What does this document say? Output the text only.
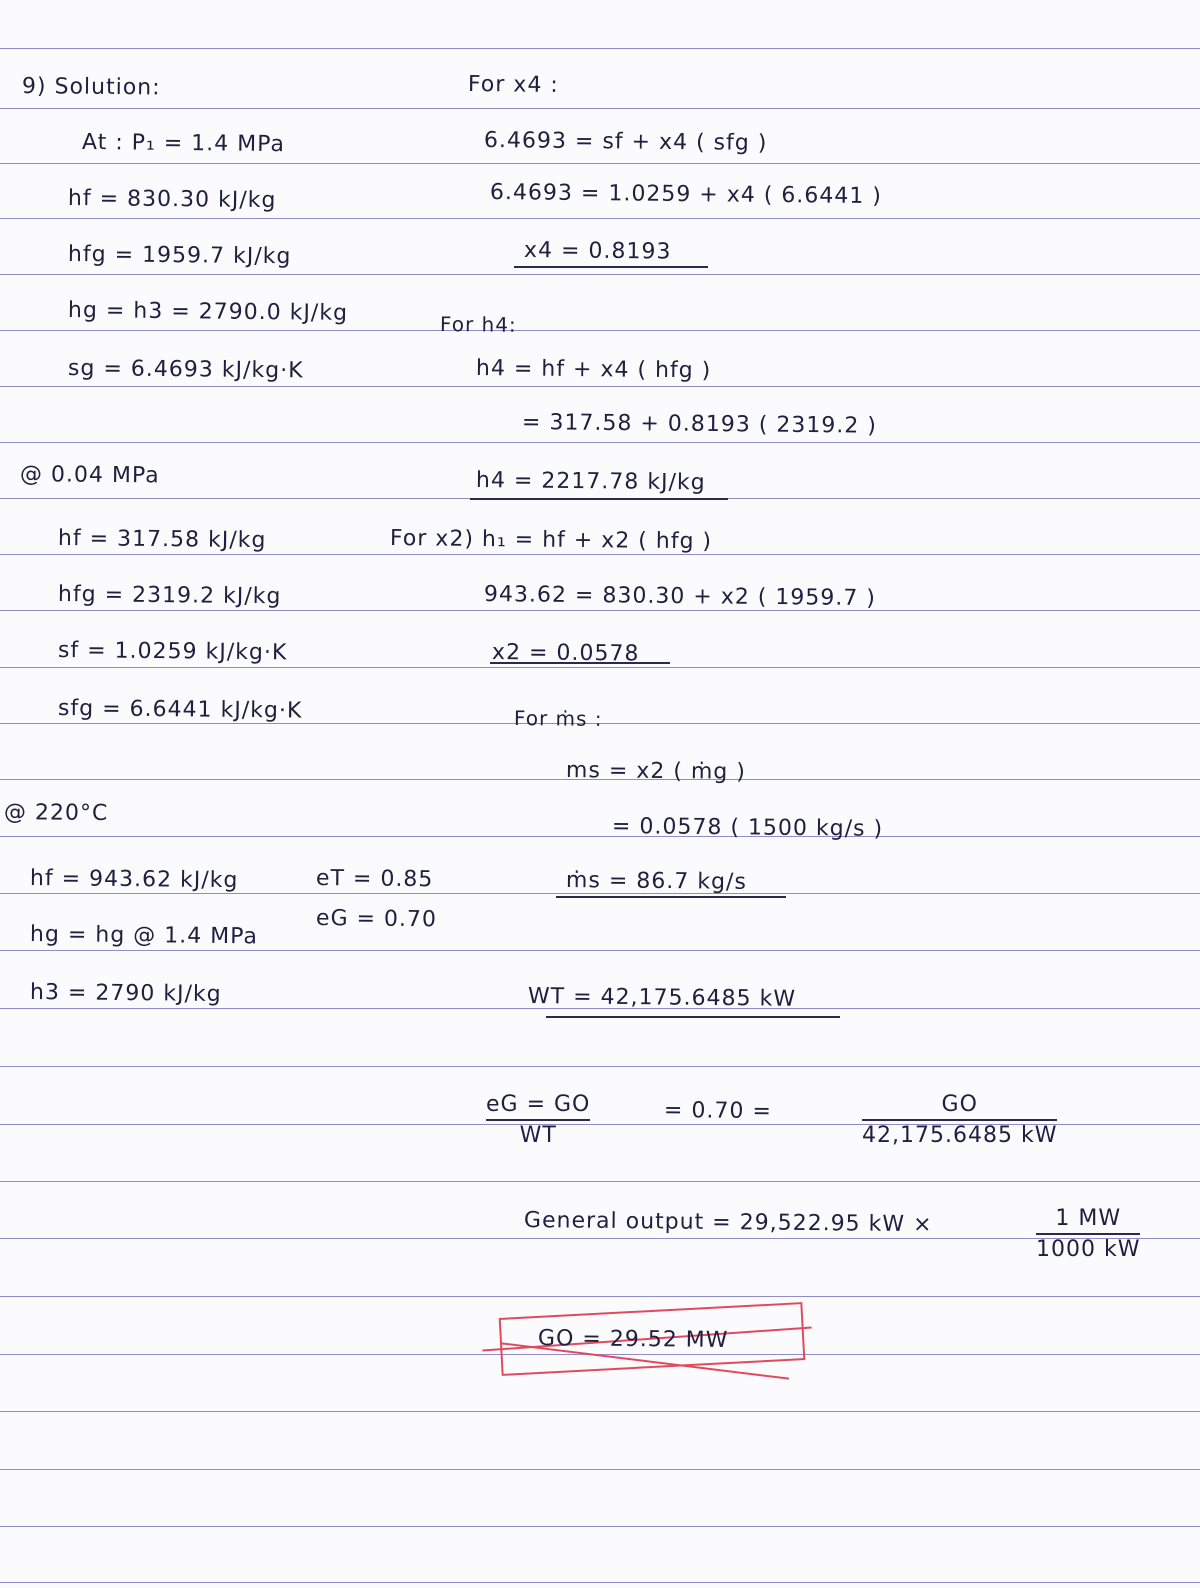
9) Solution:
At : P₁ = 1.4 MPa
hf = 830.30 kJ/kg
hfg = 1959.7 kJ/kg
hg = h3 = 2790.0 kJ/kg
sg = 6.4693 kJ/kg·K
@ 0.04 MPa
hf = 317.58 kJ/kg
hfg = 2319.2 kJ/kg
sf = 1.0259 kJ/kg·K
sfg = 6.6441 kJ/kg·K
@ 220°C
hf = 943.62 kJ/kg
hg = hg @ 1.4 MPa
h3 = 2790 kJ/kg
eT = 0.85
eG = 0.70
For x4 :
6.4693 = sf + x4 ( sfg )
6.4693 = 1.0259 + x4 ( 6.6441 )
x4 = 0.8193
For h4:
h4 = hf + x4 ( hfg )
= 317.58 + 0.8193 ( 2319.2 )
h4 = 2217.78 kJ/kg
For x2) h₁ = hf + x2 ( hfg )
943.62 = 830.30 + x2 ( 1959.7 )
x2 = 0.0578
For ṁs :
ms = x2 ( ṁg )
= 0.0578 ( 1500 kg/s )
ṁs = 86.7 kg/s
WT = 42,175.6485 kW
eG = GO
WT
= 0.70 =	GO
42,175.6485 kW
General output = 29,522.95 kW ×	1 MW
1000 kW
GO = 29.52 MW
